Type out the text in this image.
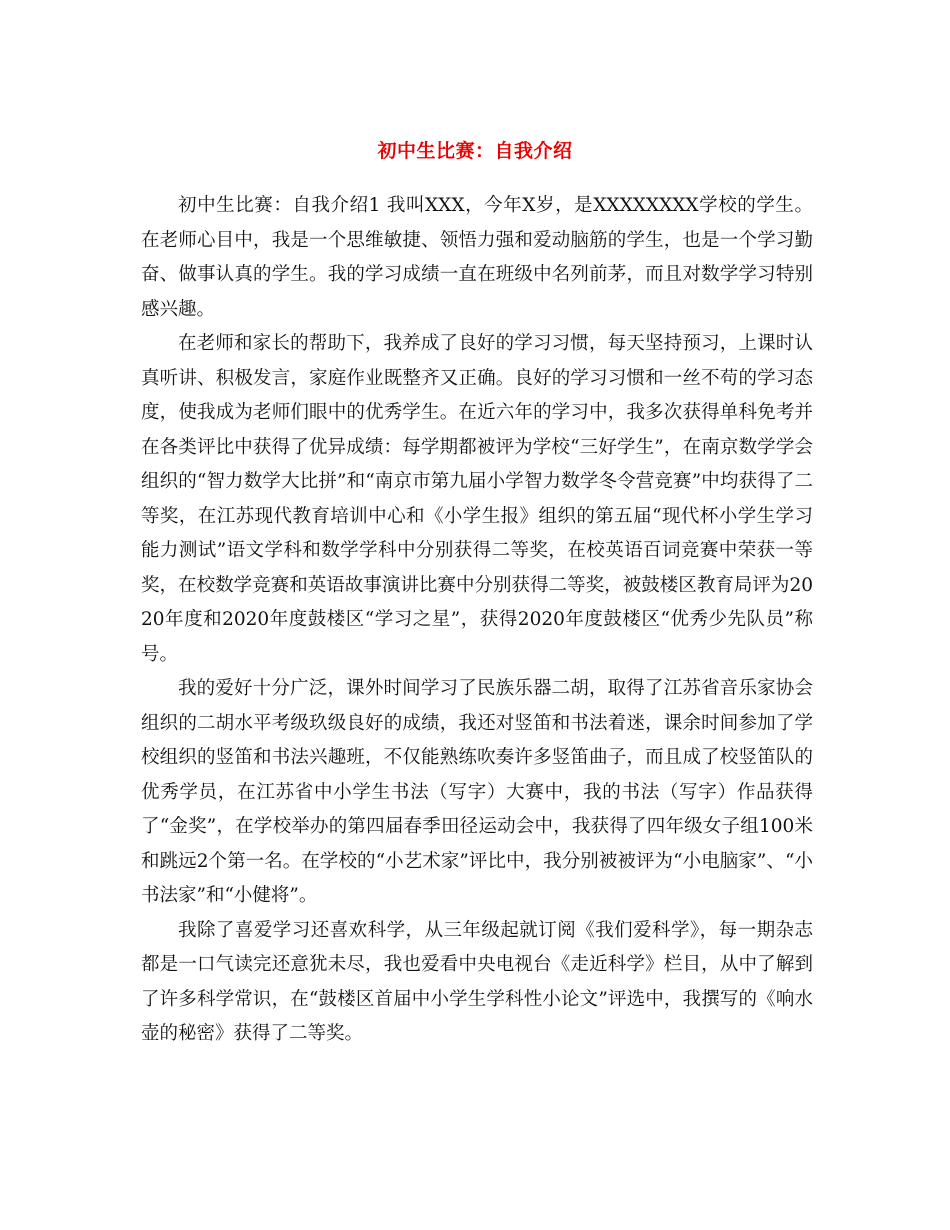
初中生比赛：自我介绍

初中生比赛：自我介绍1 我叫XXX，今年X岁，是XXXXXXXX学校的学生。在老师心目中，我是一个思维敏捷、领悟力强和爱动脑筋的学生，也是一个学习勤奋、做事认真的学生。我的学习成绩一直在班级中名列前茅，而且对数学学习特别感兴趣。

在老师和家长的帮助下，我养成了良好的学习习惯，每天坚持预习，上课时认真听讲、积极发言，家庭作业既整齐又正确。良好的学习习惯和一丝不苟的学习态度，使我成为老师们眼中的优秀学生。在近六年的学习中，我多次获得单科免考并在各类评比中获得了优异成绩：每学期都被评为学校“三好学生”，在南京数学学会组织的“智力数学大比拼”和“南京市第九届小学智力数学冬令营竞赛”中均获得了二等奖，在江苏现代教育培训中心和《小学生报》组织的第五届“现代杯小学生学习能力测试”语文学科和数学学科中分别获得二等奖，在校英语百词竞赛中荣获一等奖，在校数学竞赛和英语故事演讲比赛中分别获得二等奖，被鼓楼区教育局评为2020年度和2020年度鼓楼区“学习之星”，获得2020年度鼓楼区“优秀少先队员”称号。

我的爱好十分广泛，课外时间学习了民族乐器二胡，取得了江苏省音乐家协会组织的二胡水平考级玖级良好的成绩，我还对竖笛和书法着迷，课余时间参加了学校组织的竖笛和书法兴趣班，不仅能熟练吹奏许多竖笛曲子，而且成了校竖笛队的优秀学员，在江苏省中小学生书法（写字）大赛中，我的书法（写字）作品获得了“金奖”，在学校举办的第四届春季田径运动会中，我获得了四年级女子组100米和跳远2个第一名。在学校的“小艺术家”评比中，我分别被被评为“小电脑家”、“小书法家”和“小健将”。

我除了喜爱学习还喜欢科学，从三年级起就订阅《我们爱科学》，每一期杂志都是一口气读完还意犹未尽，我也爱看中央电视台《走近科学》栏目，从中了解到了许多科学常识，在“鼓楼区首届中小学生学科性小论文”评选中，我撰写的《响水壶的秘密》获得了二等奖。
